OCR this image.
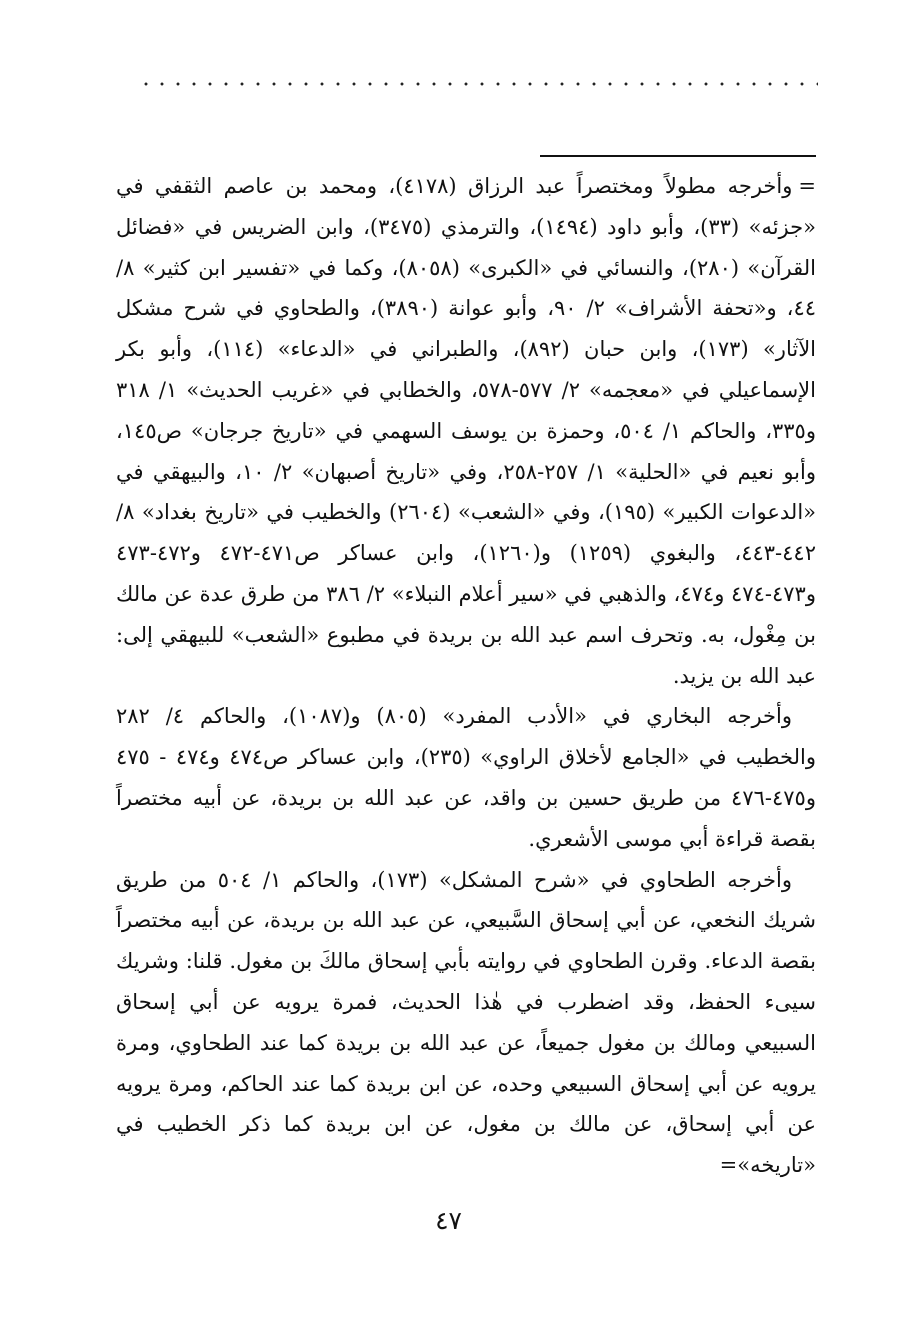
=وأخرجه مطولاً ومختصراً عبد الرزاق (٤١٧٨)، ومحمد بن عاصم الثقفي في «جزئه» (٣٣)، وأبو داود (١٤٩٤)، والترمذي (٣٤٧٥)، وابن الضريس في «فضائل القرآن» (٢٨٠)، والنسائي في «الكبرى» (٨٠٥٨)، وكما في «تفسير ابن كثير» ٨/ ٤٤، و«تحفة الأشراف» ٢/ ٩٠، وأبو عوانة (٣٨٩٠)، والطحاوي في شرح مشكل الآثار» (١٧٣)، وابن حبان (٨٩٢)، والطبراني في «الدعاء» (١١٤)، وأبو بكر الإسماعيلي في «معجمه» ٢/ ٥٧٧-٥٧٨، والخطابي في «غريب الحديث» ١/ ٣١٨ و٣٣٥، والحاكم ١/ ٥٠٤، وحمزة بن يوسف السهمي في «تاريخ جرجان» ص١٤٥، وأبو نعيم في «الحلية» ١/ ٢٥٧-٢٥٨، وفي «تاريخ أصبهان» ٢/ ١٠، والبيهقي في «الدعوات الكبير» (١٩٥)، وفي «الشعب» (٢٦٠٤) والخطيب في «تاريخ بغداد» ٨/ ٤٤٢-٤٤٣، والبغوي (١٢٥٩) و(١٢٦٠)، وابن عساكر ص٤٧١-٤٧٢ و٤٧٢-٤٧٣ و٤٧٣-٤٧٤ و٤٧٤، والذهبي في «سير أعلام النبلاء» ٢/ ٣٨٦ من طرق عدة عن مالك بن مِغْول، به. وتحرف اسم عبد الله بن بريدة في مطبوع «الشعب» للبيهقي إلى: عبد الله بن يزيد.

وأخرجه البخاري في «الأدب المفرد» (٨٠٥) و(١٠٨٧)، والحاكم ٤/ ٢٨٢ والخطيب في «الجامع لأخلاق الراوي» (٢٣٥)، وابن عساكر ص٤٧٤ و٤٧٤ - ٤٧٥ و٤٧٥-٤٧٦ من طريق حسين بن واقد، عن عبد الله بن بريدة، عن أبيه مختصراً بقصة قراءة أبي موسى الأشعري.

وأخرجه الطحاوي في «شرح المشكل» (١٧٣)، والحاكم ١/ ٥٠٤ من طريق شريك النخعي، عن أبي إسحاق السَّبيعي، عن عبد الله بن بريدة، عن أبيه مختصراً بقصة الدعاء. وقرن الطحاوي في روايته بأبي إسحاق مالكَ بن مغول. قلنا: وشريك سيىء الحفظ، وقد اضطرب في هٰذا الحديث، فمرة يرويه عن أبي إسحاق السبيعي ومالك بن مغول جميعاً، عن عبد الله بن بريدة كما عند الطحاوي، ومرة يرويه عن أبي إسحاق السبيعي وحده، عن ابن بريدة كما عند الحاكم، ومرة يرويه عن أبي إسحاق، عن مالك بن مغول، عن ابن بريدة كما ذكر الخطيب في «تاريخه»=

٤٧
